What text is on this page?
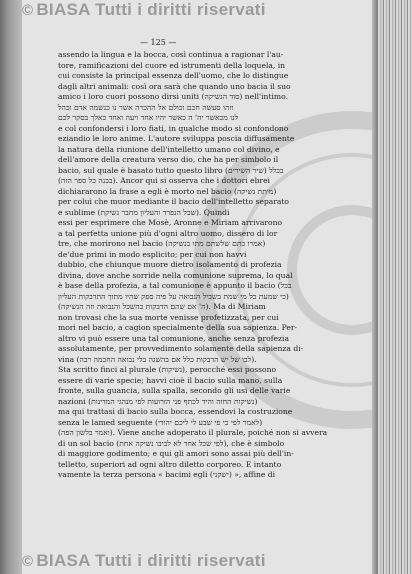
© BIASA Tutti i diritti riservati
— 125 —
assendo la lingua e la bocca, così continua a ragionar l'au-
tore, ramificazioni del cuore ed istrumenti della loquela, in
cui consiste la principal essenza dell'uomo, che lo distingue
dagli altri animali: così ora sarà che quando uno bacia il suo
amico i loro cuori possono dirsi uniti (סוד הנשיקה) nell'intimo.
וזהו סעשה חכם וכולם אל ההכרה אשר נו כנשמה אדם וכהל
לנו מכאשר יה' ה כאשר יהיו אחד ויעה ואחד כאלך בסקר לכם
e col confondersi i loro fiati, in qualche modo si confondono
eziandio le loro anime. L'autore sviluppa poscia diffusamente
la natura della riunione dell'intelletto umano col divino, e
dell'amore della creatura verso dio, che ha per simbolo il
bacio, sul quale è basato tutto questo libro (שיר השירים) בכלל
(בבנה כל ספר הזה). Ancor qui si osserva che i dottori ebrei
dichiararono la frase a egli è morto nel bacio (מיתת נשיקה)
per colui che muor mediante il bacio dell'intelletto separato
e sublime (שכל הנפרד והעליון מחבר נשיקת). Quindi
essi per esprimere che Mosè, Aronne e Miriam arrivarono
a tal perfetta unione più d'ogni altro uomo, dissero di lor
tre, che morirono nel bacio (אמרו כתם שלשתם מתו בנשיקה)
de'due primi in modo esplicito; per cui non havvi
dubbio, che chiunque muore dietro isolamento di profezia
divina, dove anche sorride nella comunione suprema, lo qual
è base della profezia, a tal comunione è appunto il bacio (בכל
כי שמעת כל מי שמת בשביל הנבואה על פיה ספק שהיו מתוך התדבקות העליון)
(ה' אם שהם הדבקות בהשכל והנבואה וזה הנשיקה). Ma di Miriam
non trovasi che la sua morte venisse profetizzata, per cui
mori nel bacio, a cagion specialmente della sua sapienza. Per-
altro vi può essere una tal comunione, anche senza profezia
assolutamente, per provvedimento solamente della sapienza di-
vina (לבו של יש הדבקות כלל אם בהשגה בלי נבואה החכמה רבה).
Sta scritto finci al plurale (נשיקות), perocché essi possono
essere di varie specie; havvi cioè il bacio sulla mano, sulla
fronte, sulla guancia, sulla spalla, secondo gli usi delle varie
nazioni (נשיקות החזה והיד לכתף פני הזרועות לפי מנהגי המדינות)
ma qui trattasi di bacio sulla bocca, essendovi la costruzione
senza le lamed seguente (לאמר לפי כי פי שבע לי ליכם יהודי)
(ואמר בלשון הפה). Viene anche adoperato il plurale, poiché non si avvera
di un sol bacio (לפי שכל אחד לא לביבו נשיקה אחת), che è simbolo
di maggiore godimento; e qui gli amori sono assai più dell'in-
telletto, superiori ad ogni altro diletto corporeo. E intanto
vamente la terza persona « bacimi egli (ישקני) », affine di
© BIASA Tutti i diritti riservati
